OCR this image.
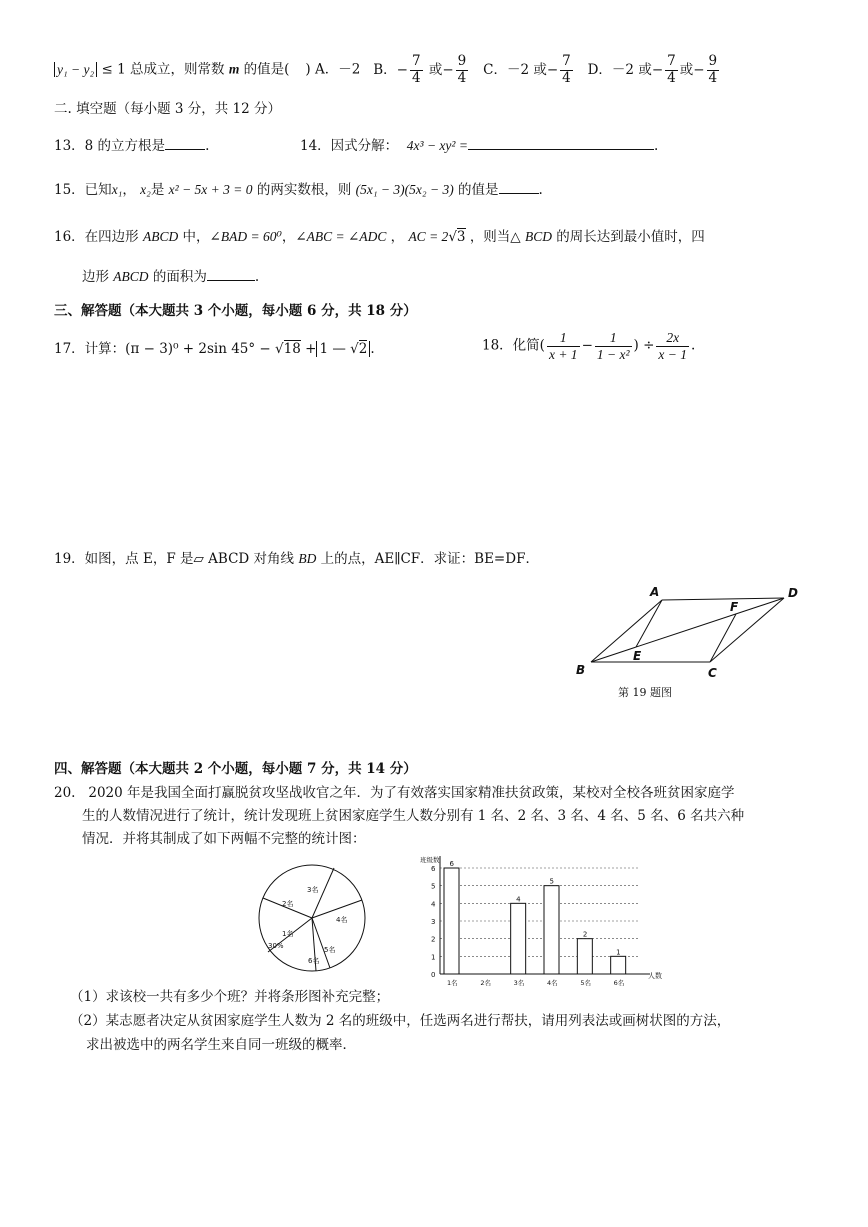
y₁ − y₂ ≤ 1 总成立，则常数 m 的值是( ) A．－2 B．− $\frac{7}{4}$ 或− $\frac{9}{4}$ C．－2 或− $\frac{7}{4}$ D．－2 或− $\frac{7}{4}$ 或− $\frac{9}{4}$
二. 填空题（每小题 3 分，共 12 分）
13．8 的立方根是	.	14．因式分解： 4x³ − xy² =	.
15．已知x₁， x₂是 x² − 5x + 3 = 0 的两实数根，则 (5x₁ − 3)(5x₂ − 3) 的值是	.
16．在四边形 ABCD 中，∠BAD = 60⁰，∠ABC = ∠ADC ， AC = 2√3 ，则当△ BCD 的周长达到最小值时，四
边形 ABCD 的面积为	.
三、解答题（本大题共 3 个小题，每小题 6 分，共 18 分）
17．计算：(π − 3)⁰ + 2sin 45° − √18 + 1 — √2 .	18．化简( $\frac{1}{x + 1} - \frac{1}{\text{1 − x²}}$ ) ÷ $\frac{2x}{x - 1}$ .
19．如图，点 E，F 是▱ ABCD 对角线 BD 上的点，AE∥CF．求证：BE=DF．
A	D
F
E
B	C
第 19 题图
四、解答题（本大题共 2 个小题，每小题 7 分，共 14 分）
20. 2020 年是我国全面打赢脱贫攻坚战收官之年．为了有效落实国家精准扶贫政策，某校对全校各班贫困家庭学
生的人数情况进行了统计，统计发现班上贫困家庭学生人数分别有 1 名、2 名、3 名、4 名、5 名、6 名共六种
情况．并将其制成了如下两幅不完整的统计图：
3名
2名
4名
1名
30%	5名
6名
0
1
2
3
4
5
6
班级数
人数
1名
6
2名	3名
4
4名
5
5名
2
6名
1
（1）求该校一共有多少个班？并将条形图补充完整；
（2）某志愿者决定从贫困家庭学生人数为 2 名的班级中，任选两名进行帮扶，请用列表法或画树状图的方法，
求出被选中的两名学生来自同一班级的概率．
